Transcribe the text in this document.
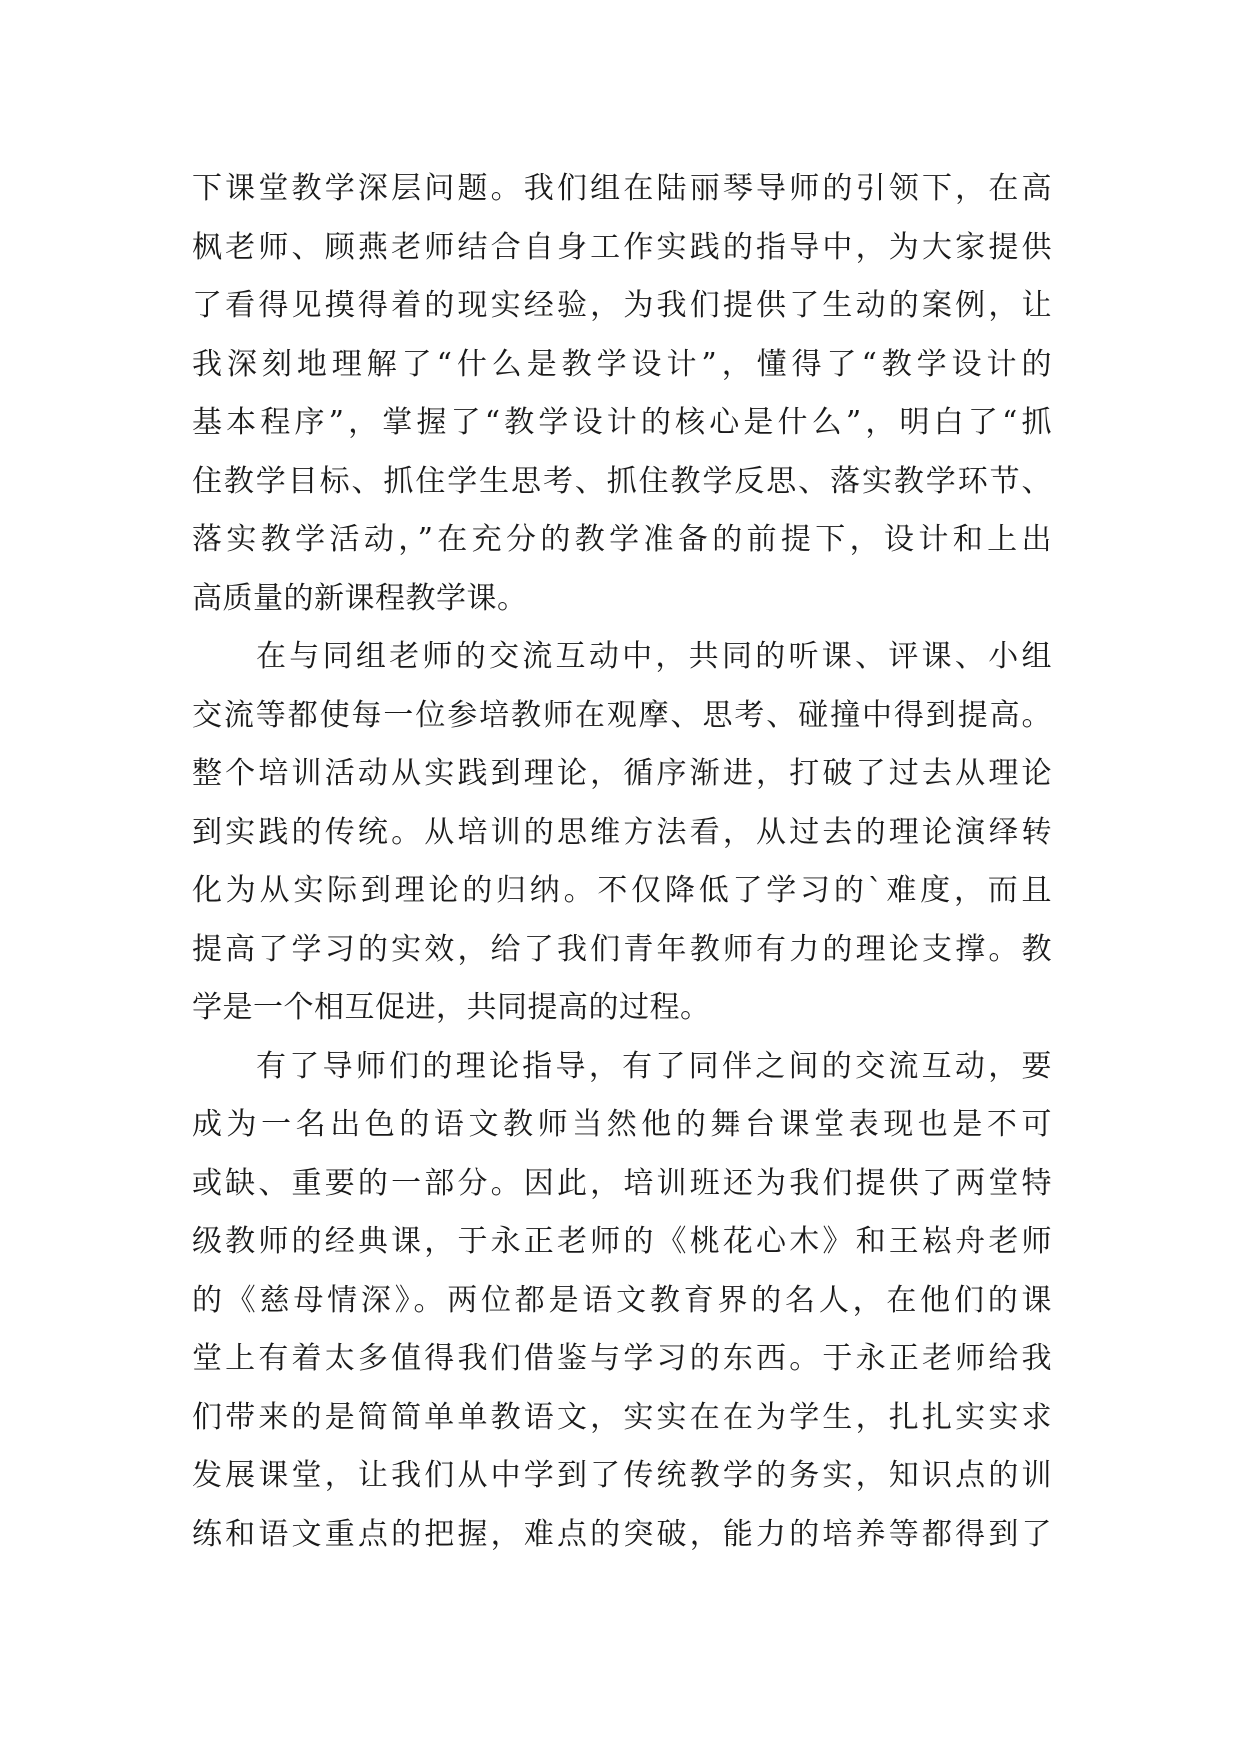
下课堂教学深层问题。我们组在陆丽琴导师的引领下，在高
枫老师、顾燕老师结合自身工作实践的指导中，为大家提供
了看得见摸得着的现实经验，为我们提供了生动的案例，让
我深刻地理解了“什么是教学设计”，懂得了“教学设计的
基本程序”，掌握了“教学设计的核心是什么”，明白了“抓
住教学目标、抓住学生思考、抓住教学反思、落实教学环节、
落实教学活动，”在充分的教学准备的前提下，设计和上出
高质量的新课程教学课。
在与同组老师的交流互动中，共同的听课、评课、小组
交流等都使每一位参培教师在观摩、思考、碰撞中得到提高。
整个培训活动从实践到理论，循序渐进，打破了过去从理论
到实践的传统。从培训的思维方法看，从过去的理论演绎转
化为从实际到理论的归纳。不仅降低了学习的`难度，而且
提高了学习的实效，给了我们青年教师有力的理论支撑。教
学是一个相互促进，共同提高的过程。
有了导师们的理论指导，有了同伴之间的交流互动，要
成为一名出色的语文教师当然他的舞台课堂表现也是不可
或缺、重要的一部分。因此，培训班还为我们提供了两堂特
级教师的经典课，于永正老师的《桃花心木》和王崧舟老师
的《慈母情深》。两位都是语文教育界的名人，在他们的课
堂上有着太多值得我们借鉴与学习的东西。于永正老师给我
们带来的是简简单单教语文，实实在在为学生，扎扎实实求
发展课堂，让我们从中学到了传统教学的务实，知识点的训
练和语文重点的把握，难点的突破，能力的培养等都得到了
